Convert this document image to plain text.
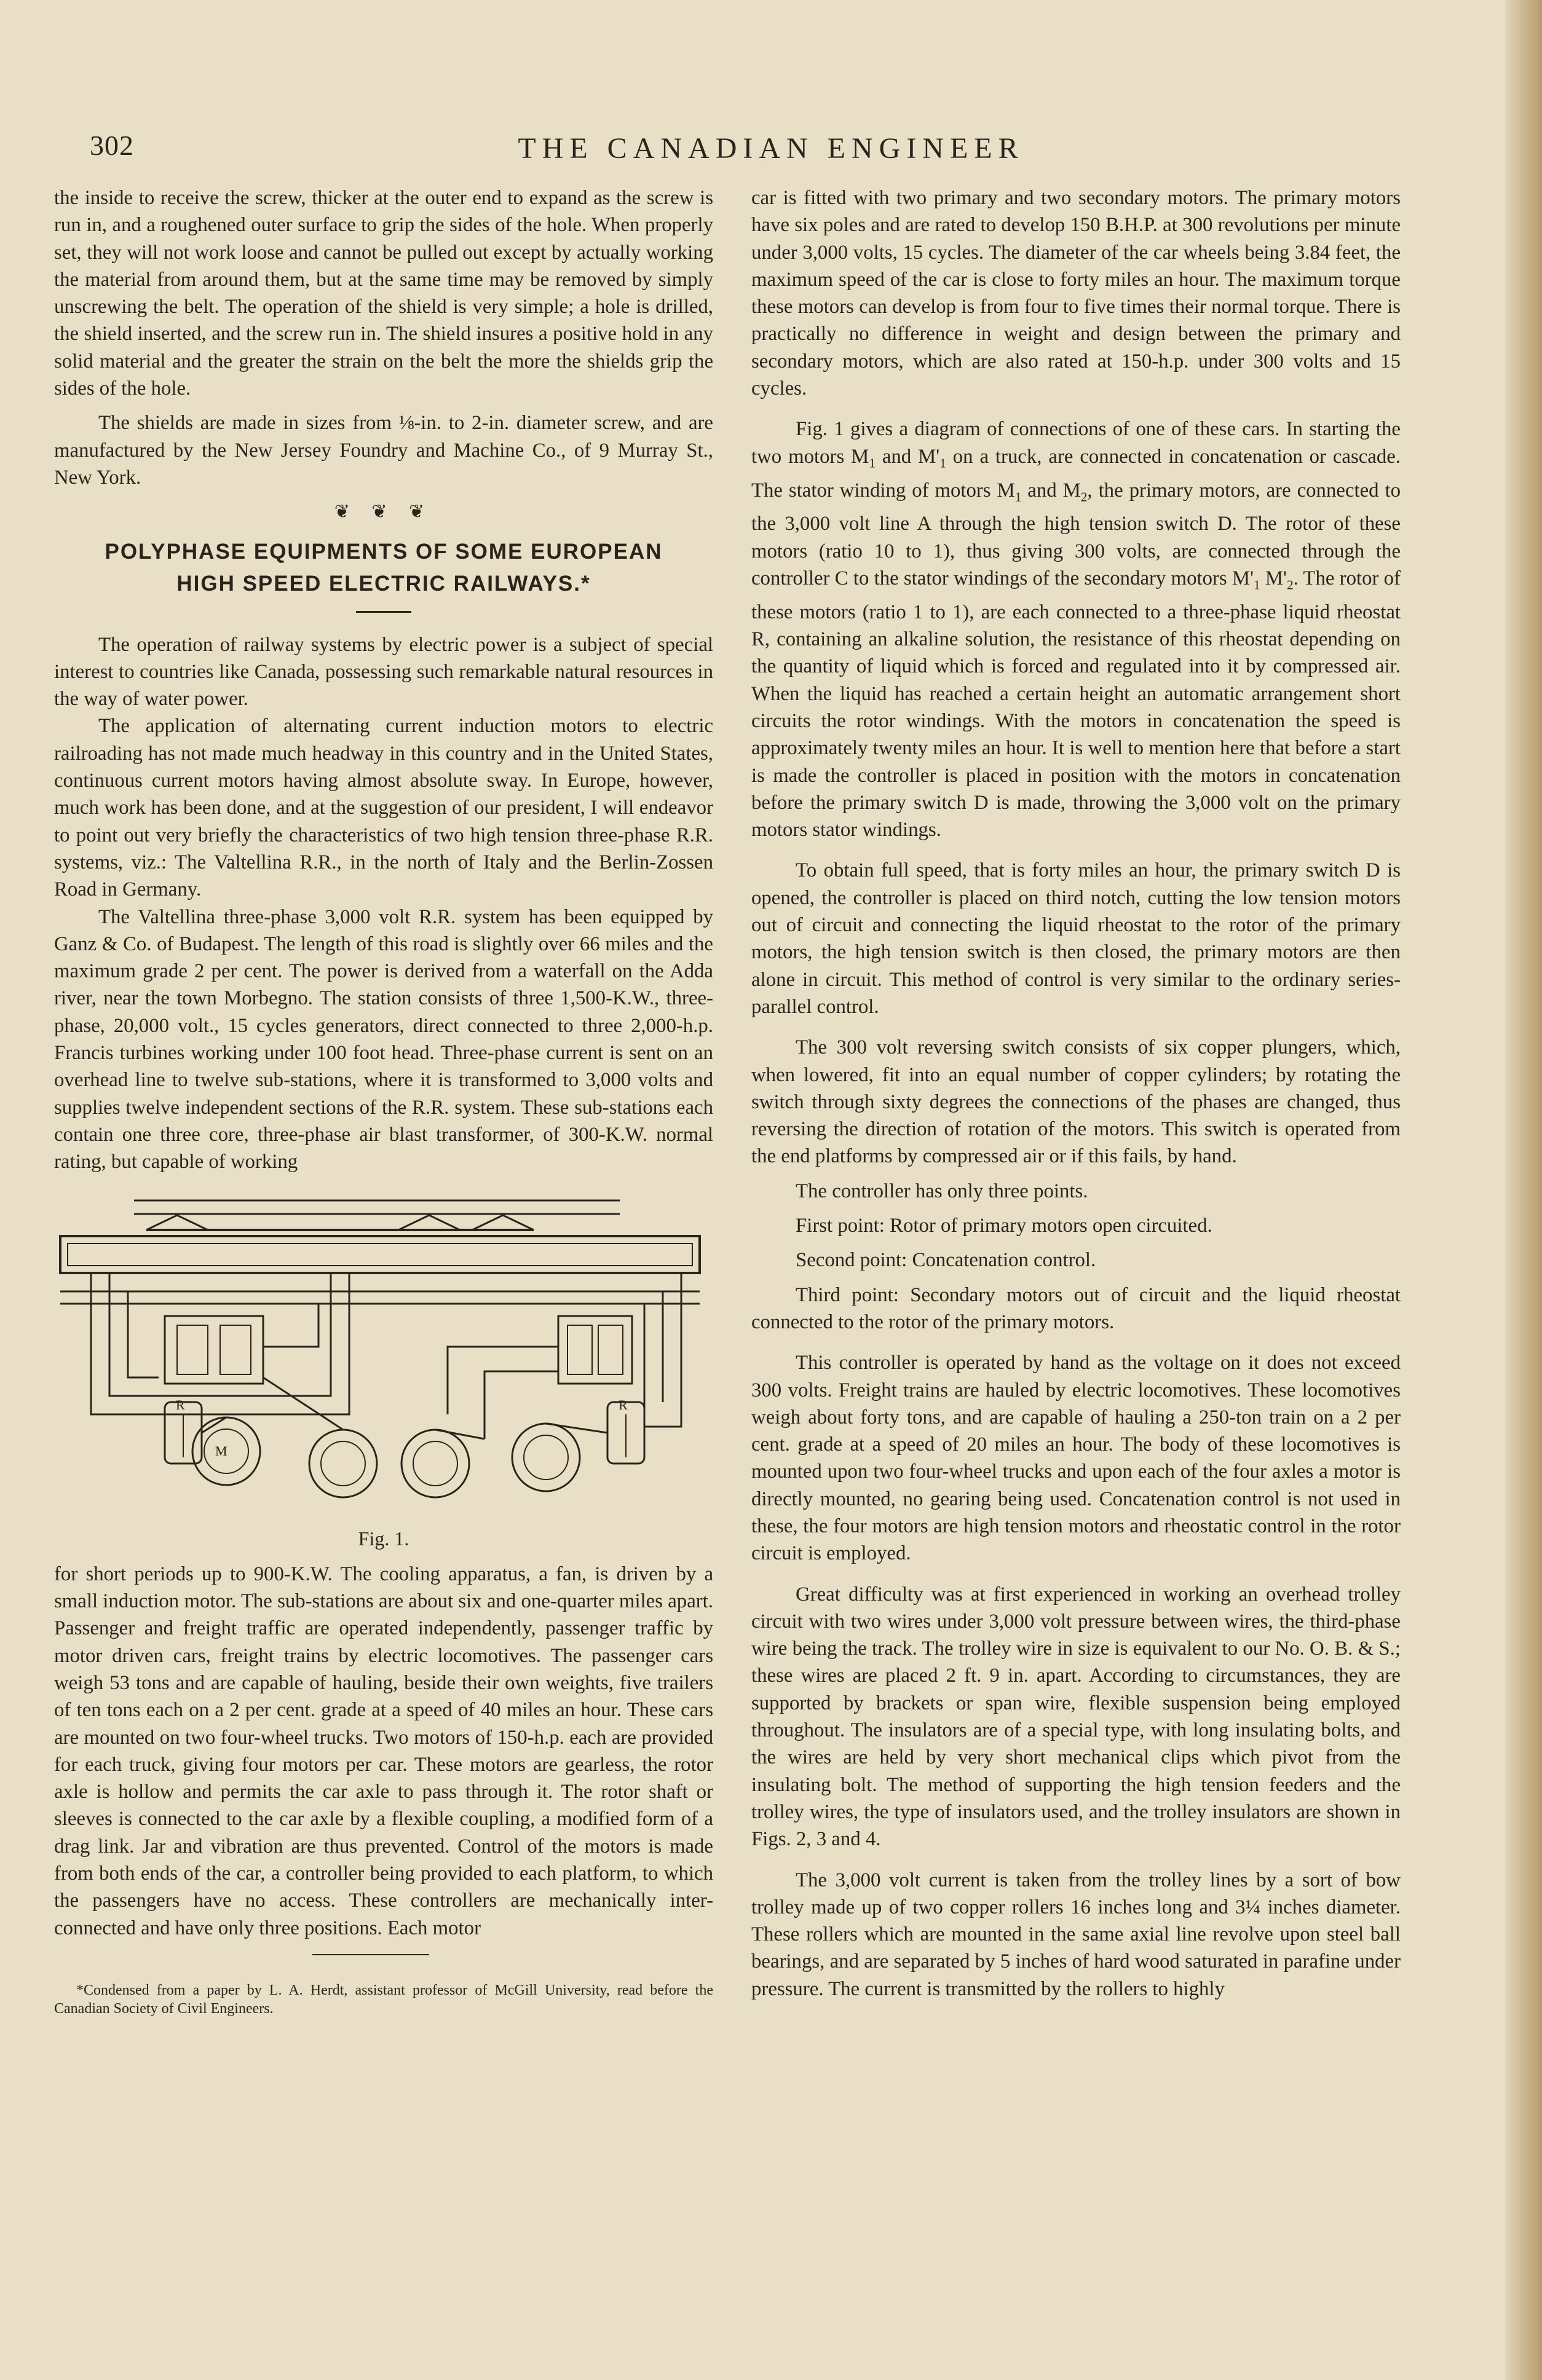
302	THE CANADIAN ENGINEER

the inside to receive the screw, thicker at the outer end to expand as the screw is run in, and a roughened outer surface to grip the sides of the hole. When properly set, they will not work loose and cannot be pulled out except by actually working the material from around them, but at the same time may be removed by simply unscrewing the belt. The operation of the shield is very simple; a hole is drilled, the shield inserted, and the screw run in. The shield insures a positive hold in any solid material and the greater the strain on the belt the more the shields grip the sides of the hole.

The shields are made in sizes from ⅛-in. to 2-in. diameter screw, and are manufactured by the New Jersey Foundry and Machine Co., of 9 Murray St., New York.

❦ ❦ ❦
POLYPHASE EQUIPMENTS OF SOME EUROPEAN
HIGH SPEED ELECTRIC RAILWAYS.*

The operation of railway systems by electric power is a subject of special interest to countries like Canada, possessing such remarkable natural resources in the way of water power.

The application of alternating current induction motors to electric railroading has not made much headway in this country and in the United States, continuous current motors having almost absolute sway. In Europe, however, much work has been done, and at the suggestion of our president, I will endeavor to point out very briefly the characteristics of two high tension three-phase R.R. systems, viz.: The Valtellina R.R., in the north of Italy and the Berlin-Zossen Road in Germany.

The Valtellina three-phase 3,000 volt R.R. system has been equipped by Ganz & Co. of Budapest. The length of this road is slightly over 66 miles and the maximum grade 2 per cent. The power is derived from a waterfall on the Adda river, near the town Morbegno. The station consists of three 1,500-K.W., three-phase, 20,000 volt., 15 cycles generators, direct connected to three 2,000-h.p. Francis turbines working under 100 foot head. Three-phase current is sent on an overhead line to twelve sub-stations, where it is transformed to 3,000 volts and supplies twelve independent sections of the R.R. system. These sub-stations each contain one three core, three-phase air blast transformer, of 300-K.W. normal rating, but capable of working

R	R
M
Fig. 1.

for short periods up to 900-K.W. The cooling apparatus, a fan, is driven by a small induction motor. The sub-stations are about six and one-quarter miles apart. Passenger and freight traffic are operated independently, passenger traffic by motor driven cars, freight trains by electric locomotives. The passenger cars weigh 53 tons and are capable of hauling, beside their own weights, five trailers of ten tons each on a 2 per cent. grade at a speed of 40 miles an hour. These cars are mounted on two four-wheel trucks. Two motors of 150-h.p. each are provided for each truck, giving four motors per car. These motors are gearless, the rotor axle is hollow and permits the car axle to pass through it. The rotor shaft or sleeves is connected to the car axle by a flexible coupling, a modified form of a drag link. Jar and vibration are thus prevented. Control of the motors is made from both ends of the car, a controller being provided to each platform, to which the passengers have no access. These controllers are mechanically inter-connected and have only three positions. Each motor

*Condensed from a paper by L. A. Herdt, assistant professor of McGill University, read before the Canadian Society of Civil Engineers.

car is fitted with two primary and two secondary motors. The primary motors have six poles and are rated to develop 150 B.H.P. at 300 revolutions per minute under 3,000 volts, 15 cycles. The diameter of the car wheels being 3.84 feet, the maximum speed of the car is close to forty miles an hour. The maximum torque these motors can develop is from four to five times their normal torque. There is practically no difference in weight and design between the primary and secondary motors, which are also rated at 150-h.p. under 300 volts and 15 cycles.

Fig. 1 gives a diagram of connections of one of these cars. In starting the two motors $M_1$ and $M'_1$ on a truck, are connected in concatenation or cascade. The stator winding of motors $M_1$ and $M_2$, the primary motors, are connected to the 3,000 volt line A through the high tension switch D. The rotor of these motors (ratio 10 to 1), thus giving 300 volts, are connected through the controller C to the stator windings of the secondary motors $M'_1$ $M'_2$. The rotor of these motors (ratio 1 to 1), are each connected to a three-phase liquid rheostat R, containing an alkaline solution, the resistance of this rheostat depending on the quantity of liquid which is forced and regulated into it by compressed air. When the liquid has reached a certain height an automatic arrangement short circuits the rotor windings. With the motors in concatenation the speed is approximately twenty miles an hour. It is well to mention here that before a start is made the controller is placed in position with the motors in concatenation before the primary switch D is made, throwing the 3,000 volt on the primary motors stator windings.

To obtain full speed, that is forty miles an hour, the primary switch D is opened, the controller is placed on third notch, cutting the low tension motors out of circuit and connecting the liquid rheostat to the rotor of the primary motors, the high tension switch is then closed, the primary motors are then alone in circuit. This method of control is very similar to the ordinary series-parallel control.

The 300 volt reversing switch consists of six copper plungers, which, when lowered, fit into an equal number of copper cylinders; by rotating the switch through sixty degrees the connections of the phases are changed, thus reversing the direction of rotation of the motors. This switch is operated from the end platforms by compressed air or if this fails, by hand.

The controller has only three points.

First point: Rotor of primary motors open circuited.

Second point: Concatenation control.

Third point: Secondary motors out of circuit and the liquid rheostat connected to the rotor of the primary motors.

This controller is operated by hand as the voltage on it does not exceed 300 volts. Freight trains are hauled by electric locomotives. These locomotives weigh about forty tons, and are capable of hauling a 250-ton train on a 2 per cent. grade at a speed of 20 miles an hour. The body of these locomotives is mounted upon two four-wheel trucks and upon each of the four axles a motor is directly mounted, no gearing being used. Concatenation control is not used in these, the four motors are high tension motors and rheostatic control in the rotor circuit is employed.

Great difficulty was at first experienced in working an overhead trolley circuit with two wires under 3,000 volt pressure between wires, the third-phase wire being the track. The trolley wire in size is equivalent to our No. O. B. & S.; these wires are placed 2 ft. 9 in. apart. According to circumstances, they are supported by brackets or span wire, flexible suspension being employed throughout. The insulators are of a special type, with long insulating bolts, and the wires are held by very short mechanical clips which pivot from the insulating bolt. The method of supporting the high tension feeders and the trolley wires, the type of insulators used, and the trolley insulators are shown in Figs. 2, 3 and 4.

The 3,000 volt current is taken from the trolley lines by a sort of bow trolley made up of two copper rollers 16 inches long and 3¼ inches diameter. These rollers which are mounted in the same axial line revolve upon steel ball bearings, and are separated by 5 inches of hard wood saturated in parafine under pressure. The current is transmitted by the rollers to highly
